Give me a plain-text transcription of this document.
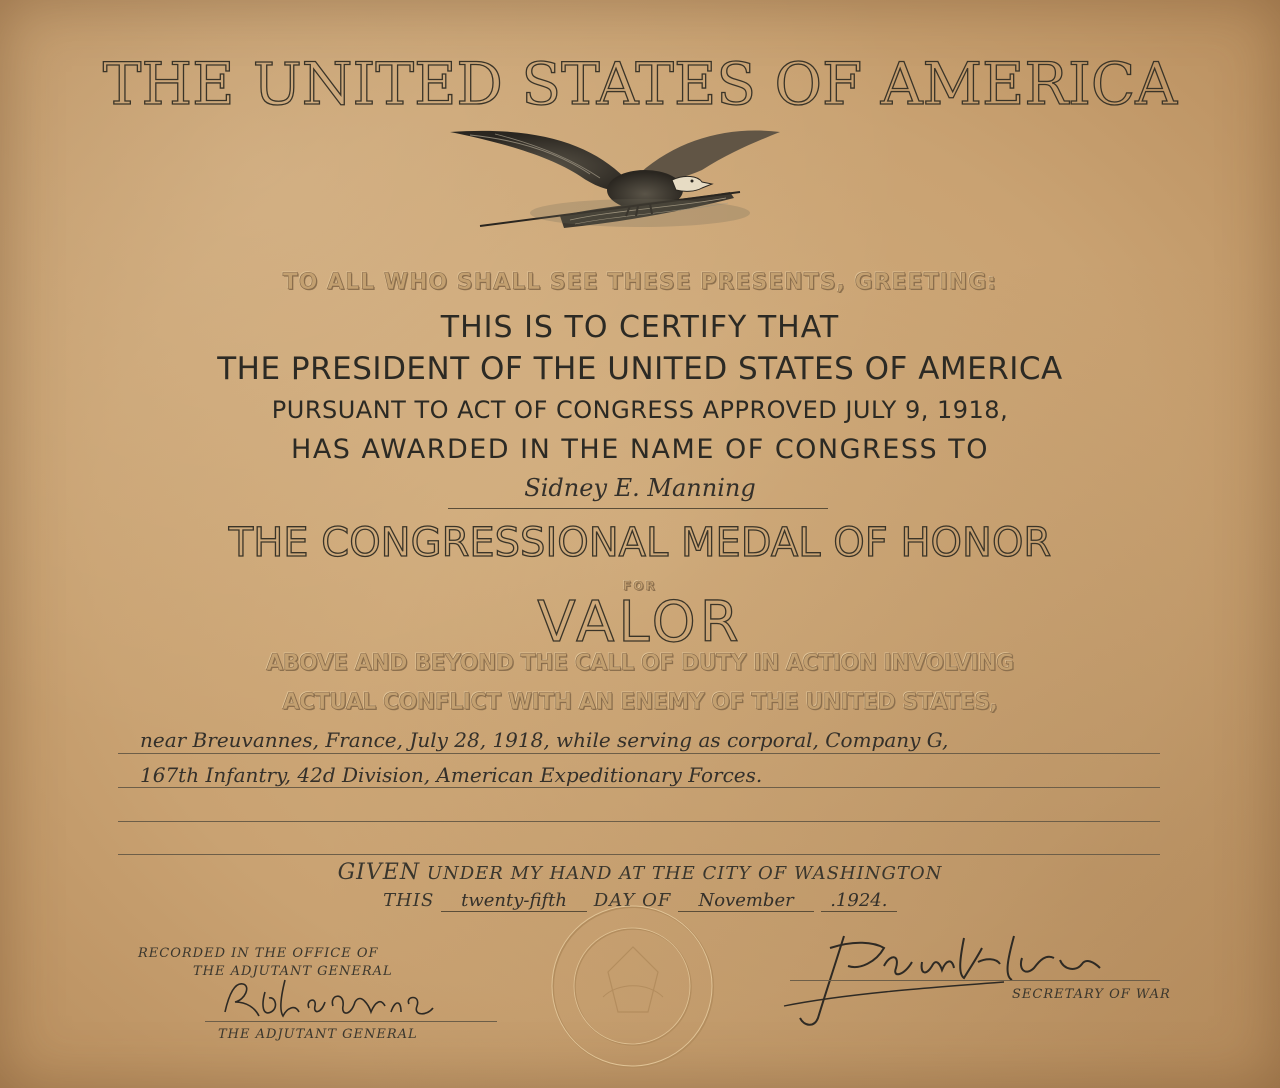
THE UNITED STATES OF AMERICA
TO ALL WHO SHALL SEE THESE PRESENTS, GREETING:
THIS IS TO CERTIFY THAT
THE PRESIDENT OF THE UNITED STATES OF AMERICA
PURSUANT TO ACT OF CONGRESS APPROVED JULY 9, 1918,
HAS AWARDED IN THE NAME OF CONGRESS TO
Sidney E. Manning
THE CONGRESSIONAL MEDAL OF HONOR
FOR
VALOR
ABOVE AND BEYOND THE CALL OF DUTY IN ACTION INVOLVING
ACTUAL CONFLICT WITH AN ENEMY OF THE UNITED STATES,
near Breuvannes, France, July 28, 1918, while serving as corporal, Company G,
167th Infantry, 42d Division, American Expeditionary Forces.
GIVEN UNDER MY HAND AT THE CITY OF WASHINGTON
THIS twenty-fifth DAY OF November .1924.
RECORDED IN THE OFFICE OF
THE ADJUTANT GENERAL
THE ADJUTANT GENERAL
SECRETARY OF WAR
